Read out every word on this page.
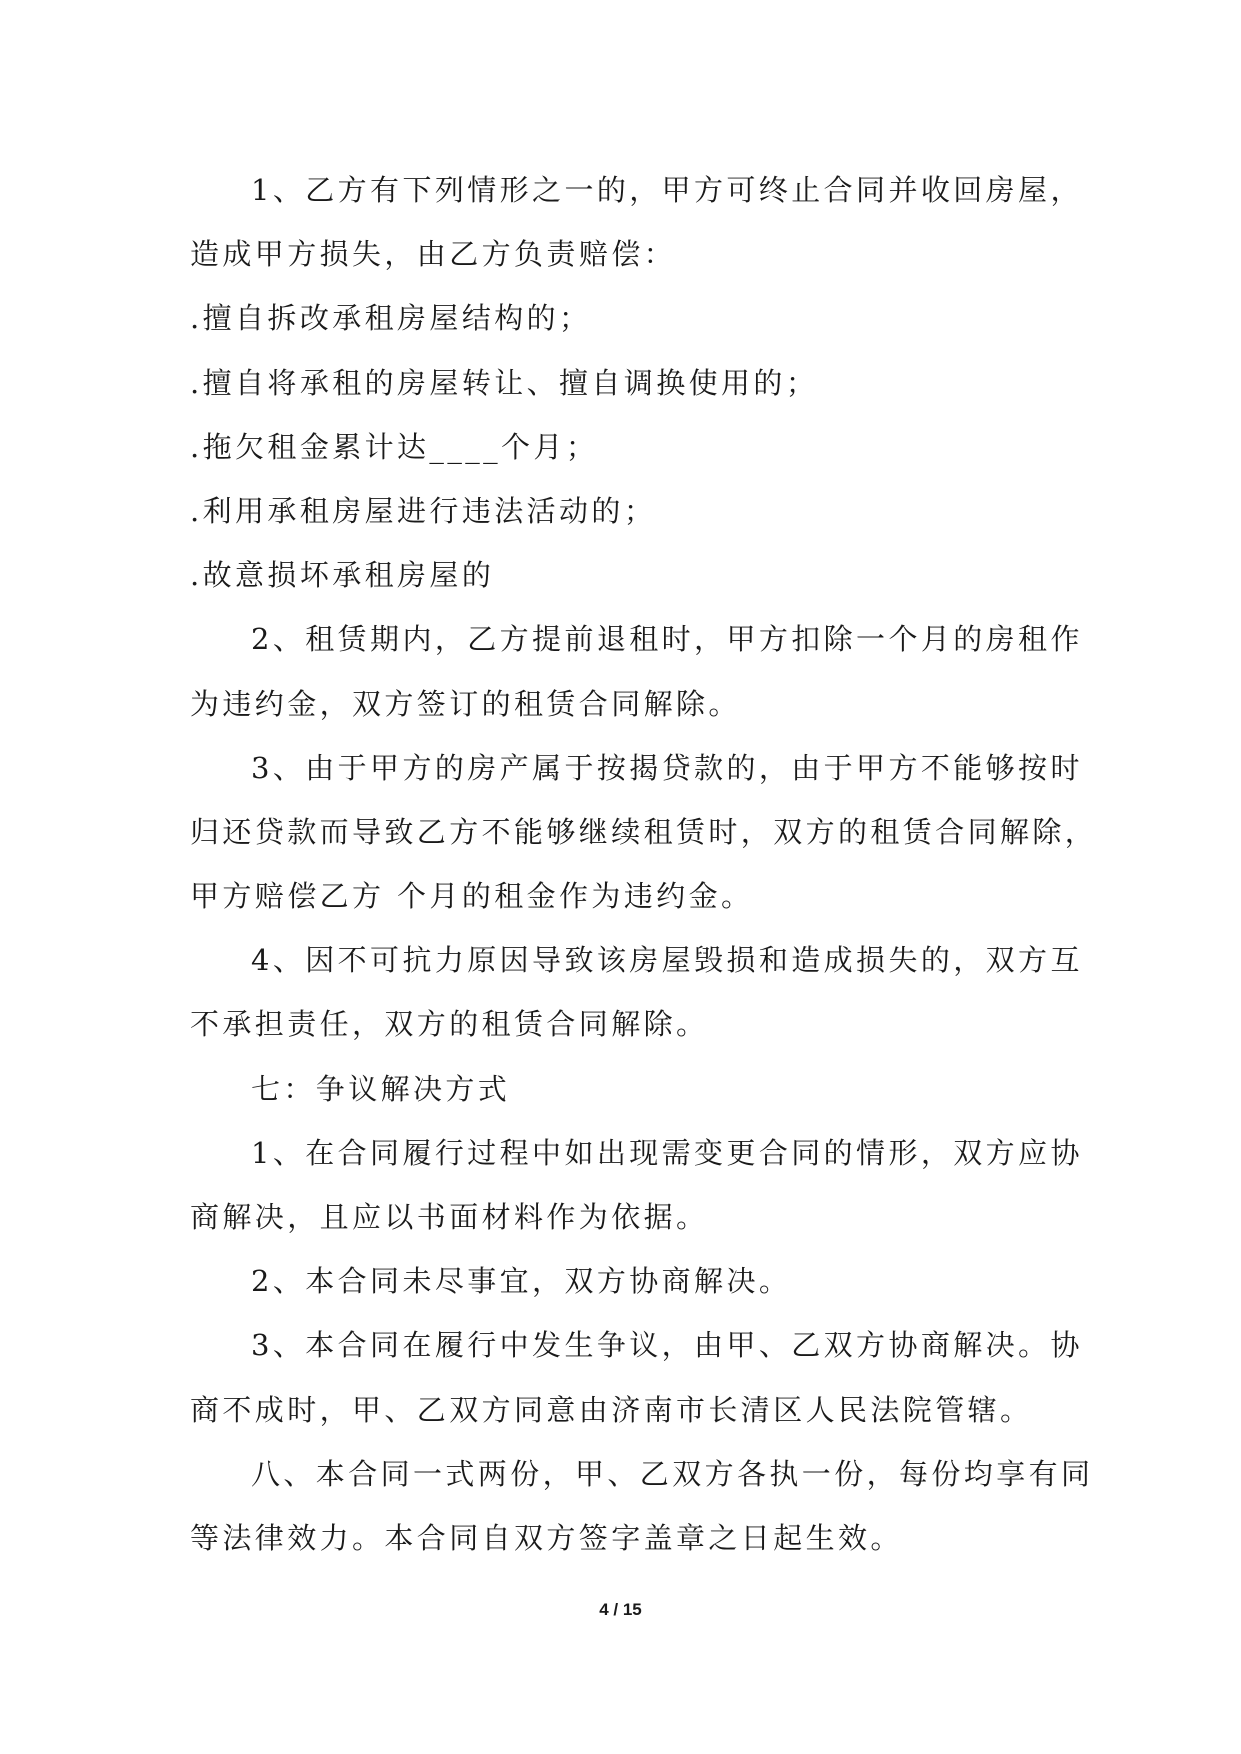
1、乙方有下列情形之一的，甲方可终止合同并收回房屋，
造成甲方损失，由乙方负责赔偿：
.擅自拆改承租房屋结构的；
.擅自将承租的房屋转让、擅自调换使用的；
.拖欠租金累计达____个月；
.利用承租房屋进行违法活动的；
.故意损坏承租房屋的
2、租赁期内，乙方提前退租时，甲方扣除一个月的房租作
为违约金，双方签订的租赁合同解除。
3、由于甲方的房产属于按揭贷款的，由于甲方不能够按时
归还贷款而导致乙方不能够继续租赁时，双方的租赁合同解除，
甲方赔偿乙方 个月的租金作为违约金。
4、因不可抗力原因导致该房屋毁损和造成损失的，双方互
不承担责任，双方的租赁合同解除。
七：争议解决方式
1、在合同履行过程中如出现需变更合同的情形，双方应协
商解决，且应以书面材料作为依据。
2、本合同未尽事宜，双方协商解决。
3、本合同在履行中发生争议，由甲、乙双方协商解决。协
商不成时，甲、乙双方同意由济南市长清区人民法院管辖。
八、本合同一式两份，甲、乙双方各执一份，每份均享有同
等法律效力。本合同自双方签字盖章之日起生效。
4 / 15
